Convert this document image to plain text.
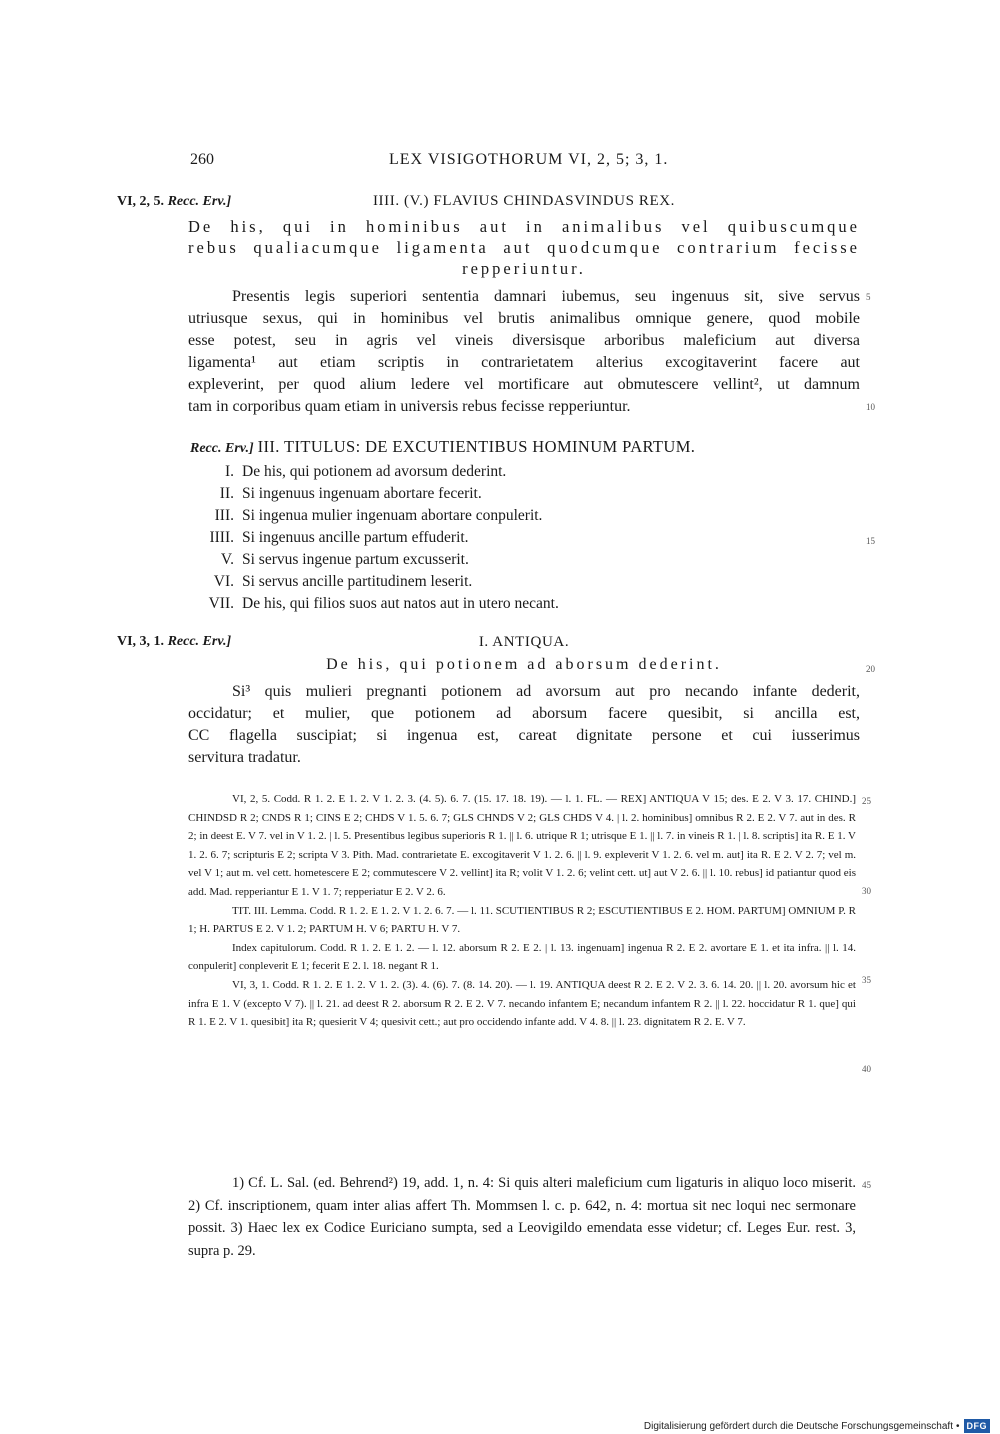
260	LEX VISIGOTHORUM VI, 2, 5; 3, 1.
VI, 2, 5. Recc. Erv.]	IIII. (V.) FLAVIUS CHINDASVINDUS REX.
De his, qui in hominibus aut in animalibus vel quibuscumque
rebus qualiacumque ligamenta aut quodcumque contrarium fecisse
repperiuntur.
Presentis legis superiori sententia damnari iubemus, seu ingenuus sit, sive servus
utriusque sexus, qui in hominibus vel brutis animalibus omnique genere, quod mobile
esse potest, seu in agris vel vineis diversisque arboribus maleficium aut diversa
ligamenta¹ aut etiam scriptis in contrarietatem alterius excogitaverint facere aut
expleverint, per quod alium ledere vel mortificare aut obmutescere vellint², ut damnum
tam in corporibus quam etiam in universis rebus fecisse repperiuntur.
5
10
Recc. Erv.] III. TITULUS: DE EXCUTIENTIBUS HOMINUM PARTUM.
I. De his, qui potionem ad avorsum dederint.
II. Si ingenuus ingenuam abortare fecerit.
III. Si ingenua mulier ingenuam abortare conpulerit.
IIII. Si ingenuus ancille partum effuderit.
V. Si servus ingenue partum excusserit.
VI. Si servus ancille partitudinem leserit.
VII. De his, qui filios suos aut natos aut in utero necant.
15
VI, 3, 1. Recc. Erv.]	I. ANTIQUA.
De his, qui potionem ad aborsum dederint.	20
Si³ quis mulieri pregnanti potionem ad avorsum aut pro necando infante dederit,
occidatur; et mulier, que potionem ad aborsum facere quesibit, si ancilla est,
CC flagella suscipiat; si ingenua est, careat dignitate persone et cui iusserimus
servitura tradatur.

VI, 2, 5. Codd. R 1. 2. E 1. 2. V 1. 2. 3. (4. 5). 6. 7. (15. 17. 18. 19). — l. 1. FL. — REX] ANTIQUA V 15; des. E 2. V 3. 17. CHIND.] CHINDSD R 2; CNDS R 1; CINS E 2; CHDS V 1. 5. 6. 7; GLS CHNDS V 2; GLS CHDS V 4. | l. 2. hominibus] omnibus R 2. E 2. V 7. aut in des. R 2; in deest E. V 7. vel in V 1. 2. | l. 5. Presentibus legibus superioris R 1. || l. 6. utrique R 1; utrisque E 1. || l. 7. in vineis R 1. | l. 8. scriptis] ita R. E 1. V 1. 2. 6. 7; scripturis E 2; scripta V 3. Pith. Mad. contrarietate E. excogitaverit V 1. 2. 6. || l. 9. expleverit V 1. 2. 6. vel m. aut] ita R. E 2. V 2. 7; vel m. vel V 1; aut m. vel cett. hometescere E 2; commutescere V 2. vellint] ita R; volit V 1. 2. 6; velint cett. ut] aut V 2. 6. || l. 10. rebus] id patiantur quod eis add. Mad. repperiantur E 1. V 1. 7; repperiatur E 2. V 2. 6.

TIT. III. Lemma. Codd. R 1. 2. E 1. 2. V 1. 2. 6. 7. — l. 11. SCUTIENTIBUS R 2; ESCUTIENTIBUS E 2. HOM. PARTUM] OMNIUM P. R 1; H. PARTUS E 2. V 1. 2; PARTUM H. V 6; PARTU H. V 7.

Index capitulorum. Codd. R 1. 2. E 1. 2. — l. 12. aborsum R 2. E 2. | l. 13. ingenuam] ingenua R 2. E 2. avortare E 1. et ita infra. || l. 14. conpulerit] conpleverit E 1; fecerit E 2. l. 18. negant R 1.

VI, 3, 1. Codd. R 1. 2. E 1. 2. V 1. 2. (3). 4. (6). 7. (8. 14. 20). — l. 19. ANTIQUA deest R 2. E 2. V 2. 3. 6. 14. 20. || l. 20. avorsum hic et infra E 1. V (excepto V 7). || l. 21. ad deest R 2. aborsum R 2. E 2. V 7. necando infantem E; necandum infantem R 2. || l. 22. hoccidatur R 1. que] qui R 1. E 2. V 1. quesibit] ita R; quesierit V 4; quesivit cett.; aut pro occidendo infante add. V 4. 8. || l. 23. dignitatem R 2. E. V 7.

25
30
35
40

1) Cf. L. Sal. (ed. Behrend²) 19, add. 1, n. 4: Si quis alteri maleficium cum ligaturis in aliquo loco miserit. 2) Cf. inscriptionem, quam inter alias affert Th. Mommsen l. c. p. 642, n. 4: mortua sit nec loqui nec sermonare possit. 3) Haec lex ex Codice Euriciano sumpta, sed a Leovigildo emendata esse videtur; cf. Leges Eur. rest. 3, supra p. 29.

45
Digitalisierung gefördert durch die Deutsche Forschungsgemeinschaft • DFG
